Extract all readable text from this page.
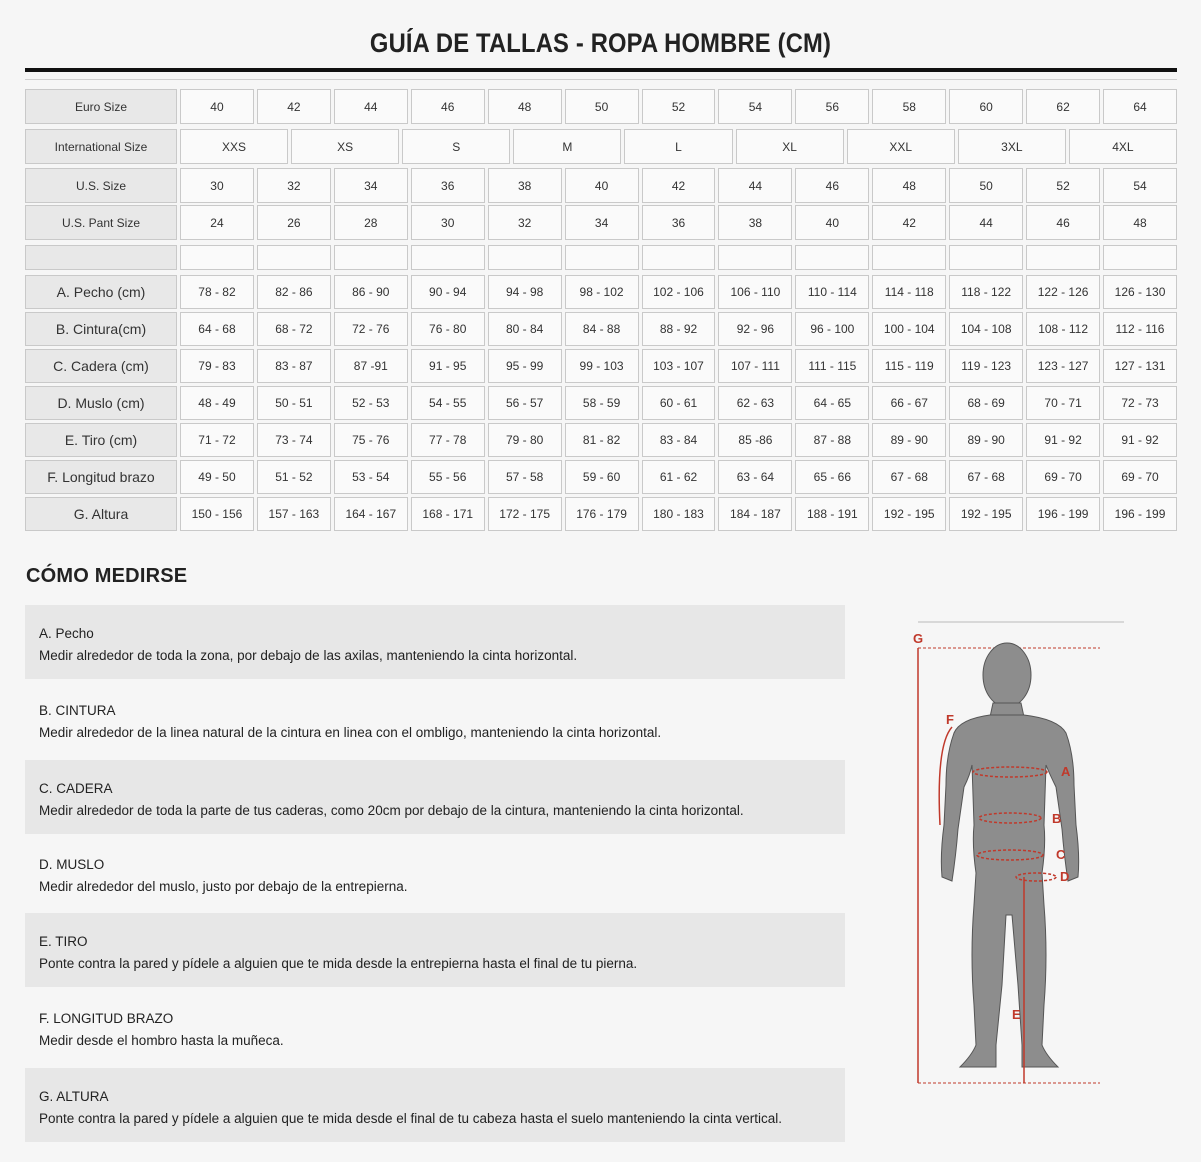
GUÍA DE TALLAS - ROPA HOMBRE (CM)
Euro Size	40	42	44	46	48	50	52	54	56	58	60	62	64
International Size	XXS	XS	S	M	L	XL	XXL	3XL	4XL
U.S. Size	30	32	34	36	38	40	42	44	46	48	50	52	54
U.S. Pant Size	24	26	28	30	32	34	36	38	40	42	44	46	48
A. Pecho (cm)	78 - 82	82 - 86	86 - 90	90 - 94	94 - 98	98 - 102	102 - 106	106 - 110	110 - 114	114 - 118	118 - 122	122 - 126	126 - 130
B. Cintura(cm)	64 - 68	68 - 72	72 - 76	76 - 80	80 - 84	84 - 88	88 - 92	92 - 96	96 - 100	100 - 104	104 - 108	108 - 112	112 - 116
C. Cadera (cm)	79 - 83	83 - 87	87 -91	91 - 95	95 - 99	99 - 103	103 - 107	107 - 111	111 - 115	115 - 119	119 - 123	123 - 127	127 - 131
D. Muslo (cm)	48 - 49	50 - 51	52 - 53	54 - 55	56 - 57	58 - 59	60 - 61	62 - 63	64 - 65	66 - 67	68 - 69	70 - 71	72 - 73
E. Tiro (cm)	71 - 72	73 - 74	75 - 76	77 - 78	79 - 80	81 - 82	83 - 84	85 -86	87 - 88	89 - 90	89 - 90	91 - 92	91 - 92
F. Longitud brazo	49 - 50	51 - 52	53 - 54	55 - 56	57 - 58	59 - 60	61 - 62	63 - 64	65 - 66	67 - 68	67 - 68	69 - 70	69 - 70
G. Altura	150 - 156	157 - 163	164 - 167	168 - 171	172 - 175	176 - 179	180 - 183	184 - 187	188 - 191	192 - 195	192 - 195	196 - 199	196 - 199
CÓMO MEDIRSE
A. Pecho
Medir alrededor de toda la zona, por debajo de las axilas, manteniendo la cinta horizontal.
B. CINTURA
Medir alrededor de la linea natural de la cintura en linea con el ombligo, manteniendo la cinta horizontal.
C. CADERA
Medir alrededor de toda la parte de tus caderas, como 20cm por debajo de la cintura, manteniendo la cinta horizontal.
D. MUSLO
Medir alrededor del muslo, justo por debajo de la entrepierna.
E. TIRO
Ponte contra la pared y pídele a alguien que te mida desde la entrepierna hasta el final de tu pierna.
F. LONGITUD BRAZO
Medir desde el hombro hasta la muñeca.
G. ALTURA
Ponte contra la pared y pídele a alguien que te mida desde el final de tu cabeza hasta el suelo manteniendo la cinta vertical.
G
F
A
B
C
D
E
